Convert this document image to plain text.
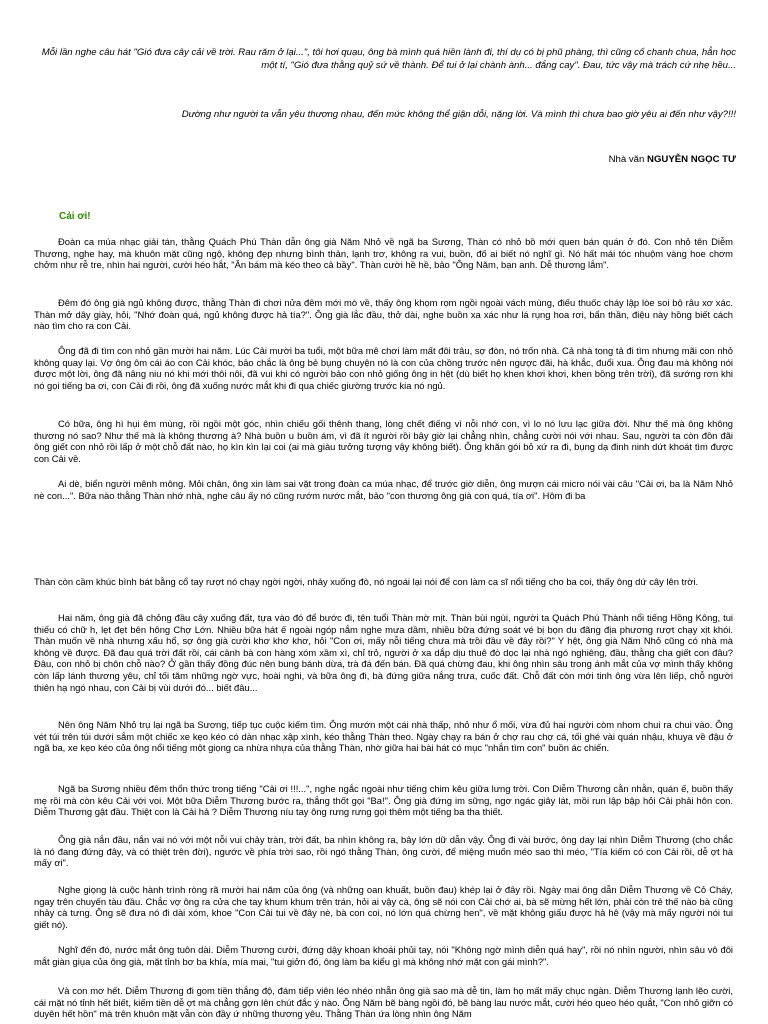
Mỗi lần nghe câu hát "Gió đưa cây cải về trời. Rau răm ở lại...", tôi hơi quạu, ông bà mình quá hiền lành đi, thí dụ có bị phũ phàng, thì cũng cố chanh chua, hẳn học một tí, "Gió đưa thằng quỷ sứ về thành. Để tui ở lại chành ành... đắng cay". Đau, tức vậy mà trách cứ nhẹ hều...
Dường như người ta vẫn yêu thương nhau, đến mức không thể giận dỗi, nặng lời. Và mình thì chưa bao giờ yêu ai đến như vậy?!!!
Nhà văn NGUYỄN NGỌC TƯ
Cải ơi!
Đoàn ca múa nhạc giải tán, thằng Quách Phú Thàn dẫn ông già Năm Nhỏ về ngã ba Sương, Thàn có nhỏ bồ mới quen bán quán ở đó. Con nhỏ tên Diễm Thương, nghe hay, mà khuôn mặt cũng ngộ, không đẹp nhưng bình thản, lạnh trơ, không ra vui, buồn, đố ai biết nó nghĩ gì. Nó hất mái tóc nhuộm vàng hoe chơm chởm như rễ tre, nhìn hai người, cười héo hắt, "Ăn bám mà kéo theo cả bầy". Thàn cười hề hề, bảo "Ông Năm, bạn anh. Dễ thương lắm".
Đêm đó ông già ngủ không được, thằng Thàn đi chơi nửa đêm mới mò về, thấy ông khọm rọm ngồi ngoài vách mùng, điếu thuốc cháy lập lòe soi bộ râu xơ xác. Thàn mở dây giày, hỏi, "Nhớ đoàn quá, ngủ không được hả tía?". Ông già lắc đầu, thở dài, nghe buồn xa xác như lá rụng hoa rơi, bẩn thần, điệu này hồng biết cách nào tìm cho ra con Cải.
Ông đã đi tìm con nhỏ gần mười hai năm. Lúc Cải mười ba tuổi, một bữa mê chơi làm mất đôi trâu, sợ đòn, nó trốn nhà. Cả nhà tong tả đi tìm nhưng mãi con nhỏ không quay lại. Vợ ông ôm cái áo con Cải khóc, bảo chắc là ông bẻ bụng chuyện nó là con của chồng trước nên ngược đãi, hà khắc, đuổi xua. Ông đau mà không nói được một lời, ông đã nâng niu nó khi mới thôi nôi, đã vui khi có người bảo con nhỏ giống ông in hệt (dù biết họ khen khơi khơi, khen bồng trên trời), đã sướng rơn khi nó gọi tiếng ba ơi, con Cải đi rồi, ông đã xuống nước mắt khi đi qua chiếc giường trước kia nó ngủ.
Có bữa, ông hì hụi êm mùng, rồi ngồi một góc, nhìn chiếu gối thênh thang, lòng chết điếng vì nỗi nhớ con, vì lo nó lưu lạc giữa đời. Như thế mà ông không thương nó sao? Như thế mà là không thương à? Nhà buồn u buồn ám, vì đã ít người rồi bây giờ lại chẳng nhìn, chẳng cười nói với nhau. Sau, người ta còn đồn đãi ông giết con nhỏ rồi lấp ở một chỗ đất nào, họ kìn kìn lại coi (ai mà giàu tưởng tượng vậy không biết). Ông khăn gói bỏ xứ ra đi, bụng dạ đinh ninh dứt khoát tìm được con Cải về.
Ai dè, biển người mênh mông. Mỏi chân, ông xin làm sai vặt trong đoàn ca múa nhạc, để trước giờ diễn, ông mượn cái micro nói vài câu "Cải ơi, ba là Năm Nhỏ nè con...". Bữa nào thằng Thàn nhớ nhà, nghe câu ấy nó cũng rướm nước mắt, bảo "con thương ông già con quá, tía ơi". Hôm đi ba
Thàn còn cầm khúc bình bát bằng cổ tay rượt nó chạy ngời ngời, nhảy xuống đò, nó ngoái lại nói để con làm ca sĩ nổi tiếng cho ba coi, thấy ông dứ cây lên trời.
Hai năm, ông già đã chỏng đầu cây xuống đất, tựa vào đó để bước đi, tên tuổi Thàn mờ mịt. Thàn bùi ngùi, người ta Quách Phú Thành nổi tiếng Hồng Kông, tui thiếu có chữ h, lẹt đẹt bên hông Chợ Lớn. Nhiều bữa hát ế ngoài ngóp nắm nghe mưa dầm, nhiều bữa đứng soát vé bị bọn du đãng địa phương rượt chạy xịt khói. Thàn muốn về nhà nhưng xấu hổ, sợ ông già cười khơ khơ khơ, hỏi "Con ơi, mấy nỗi tiếng chưa mà trồi đầu về đây rồi?" Y hệt, ông già Năm Nhỏ cũng có nhà mà không về được. Đã đau quá trời đất rồi, cái cảnh bà con hàng xóm xầm xì, chỉ trỏ, người ở xa dắp dịu thuê đò dọc lại nhà ngó nghiêng, đầu, thằng cha giết con đâu? Đâu, con nhỏ bị chôn chỗ nào? Ở gần thấy đồng đúc nên bung bánh dừa, trà đá đến bán. Đã quá chừng đau, khi ông nhìn sâu trong ánh mắt của vợ mình thấy không còn lấp lánh thương yêu, chỉ tối tăm những ngờ vực, hoài nghi, và bữa ông đi, bà đứng giữa nắng trưa, cuốc đất. Chỗ đất còn mới tinh ông vừa lên liếp, chỗ người thiên hạ ngó nhau, con Cải bị vùi dưới đó... biết đâu...
Nên ông Năm Nhỏ trụ lại ngã ba Sương, tiếp tục cuộc kiếm tìm. Ông mướn một cái nhà thấp, nhỏ như ổ mối, vừa đủ hai người còm nhom chui ra chui vào. Ông vét túi trên túi dưới sắm một chiếc xe kẹo kéo có dàn nhạc xập xình, kéo thằng Thàn theo. Ngày chạy ra bán ở chợ rau chợ cá, tối ghé vài quán nhậu, khuya về đậu ở ngã ba, xe kẹo kéo của ông nổi tiếng một giọng ca nhừa nhựa của thằng Thàn, nhờ giữa hai bài hát có mục "nhắn tìm con" buồn ác chiến.
Ngã ba Sương nhiều đêm thổn thức trong tiếng "Cải ơi !!!...", nghe ngắc ngoài như tiếng chim kêu giữa lưng trời. Con Diễm Thương cằn nhằn, quán ế, buồn thấy mẹ rồi mà còn kêu Cải với voi. Một bữa Diễm Thương bước ra, thắng thốt gọi "Ba!". Ông già đứng im sững, ngơ ngác giây lát, mồi run lập bập hỏi Cải phải hôn con. Diễm Thương gật đầu. Thiệt con là Cải hả ? Diễm Thương níu tay ông rưng rưng gọi thêm một tiếng ba tha thiết.
Ông già nắn đầu, nắn vai nó với một nỗi vui chảy tràn, trời đất, ba nhìn không ra, bây lớn dữ dẫn vậy. Ông đi vài bước, ông day lại nhìn Diễm Thương (cho chắc là nó đang đứng đây, và có thiệt trên đời), ngước về phía trời sao, rồi ngó thằng Thàn, ông cười, để miệng muốn méo sao thì méo, "Tía kiếm có con Cải rồi, dễ ợt hà mấy ơi".
Nghe giọng là cuộc hành trình ròng rã mười hai năm của ông (và những oan khuất, buồn đau) khép lại ở đây rồi. Ngày mai ông dẫn Diễm Thương về Cỏ Cháy, ngay trên chuyến tàu đầu. Chắc vợ ông ra cửa che tay khum khum trên trán, hỏi ai vậy cà, ông sẽ nói con Cải chớ ai, bà sẽ mừng hết lớn, phải còn trẻ thế nào bà cũng nhảy cà tưng. Ông sẽ đưa nó đi dài xóm, khoe "Con Cải tui về đây nè, bà con coi, nó lớn quá chừng hen", về mặt không giấu được hả hê (vậy mà mấy người nói tui giết nó).
Nghĩ đến đó, nước mắt ông tuôn dài. Diễm Thương cười, đứng dậy khoan khoái phủi tay, nói "Không ngờ mình diễn quá hay", rồi nó nhìn người, nhìn sâu vô đôi mắt giàn giụa của ông già, mặt tỉnh bơ ba khía, mía mai, "tui giởn đó, ông làm ba kiểu gì mà không nhớ mặt con gái mình?".
Và con mơ hết. Diễm Thương đi gom tiền thắng độ, đám tiếp viên léo nhéo nhẵn ông già sao mà dễ tin, làm họ mất mấy chục ngàn. Diễm Thương lạnh lẽo cười, cái mặt nó tỉnh hết biết, kiếm tiền dễ ợt mà chẳng gợn lên chút đắc ý nào. Ông Năm bẽ bàng ngồi đó, bẽ bàng lau nước mắt, cười héo queo héo quắt, "Con nhỏ giỡn có duyên hết hồn" mà trên khuôn mặt vẫn còn đầy ứ những thương yêu. Thằng Thàn ứa lòng nhìn ông Năm
